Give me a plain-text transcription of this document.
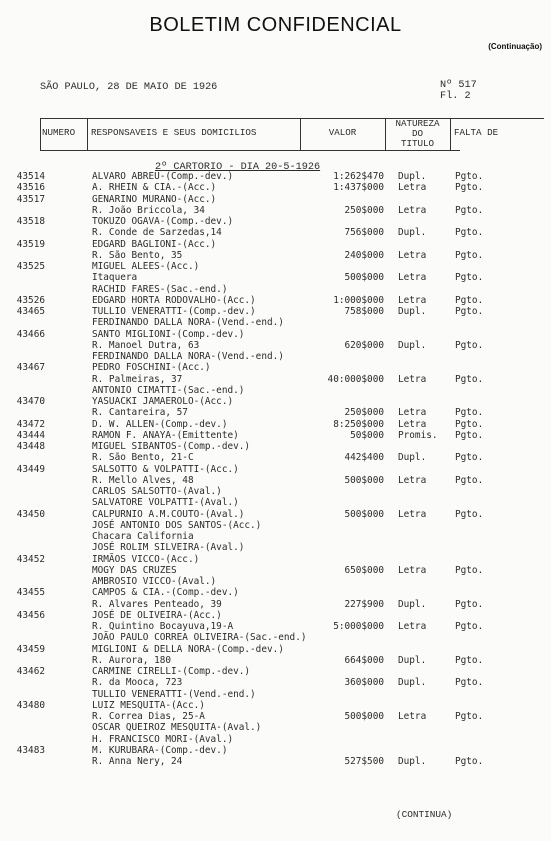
BOLETIM CONFIDENCIAL
(Continuação)
SÃO PAULO, 28 DE MAIO DE 1926	Nº 517
Fl. 2
NUMERO RESPONSAVEIS E SEUS DOMICILIOS	VALOR
NATUREZA
DO
TITULO
FALTA DE
2º CARTORIO - DIA 20-5-1926
43514	ALVARO ABREU-(Comp.-dev.)	1:262$470 Dupl.	Pgto.
43516	A. RHEIN & CIA.-(Acc.)	1:437$000 Letra	Pgto.
43517	GENARINO MURANO-(Acc.)
R. João Briccola, 34	250$000 Letra	Pgto.
43518	TOKUZO OGAVA-(Comp.-dev.)
R. Conde de Sarzedas,14	756$000 Dupl.	Pgto.
43519	EDGARD BAGLIONI-(Acc.)
R. São Bento, 35	240$000 Letra	Pgto.
43525	MIGUEL ALEES-(Acc.)
Itaquera	500$000 Letra	Pgto.
RACHID FARES-(Sac.-end.)
43526	EDGARD HORTA RODOVALHO-(Acc.)	1:000$000 Letra	Pgto.
43465	TULLIO VENERATTI-(Comp.-dev.)	758$000 Dupl.	Pgto.
FERDINANDO DALLA NORA-(Vend.-end.)
43466	SANTO MIGLIONI-(Comp.-dev.)
R. Manoel Dutra, 63	620$000 Dupl.	Pgto.
FERDINANDO DALLA NORA-(Vend.-end.)
43467	PEDRO FOSCHINI-(Acc.)
R. Palmeiras, 37	40:000$000 Letra	Pgto.
ANTONIO CIMATTI-(Sac.-end.)
43470	YASUACKI JAMAEROLO-(Acc.)
R. Cantareira, 57	250$000 Letra	Pgto.
43472	D. W. ALLEN-(Comp.-dev.)	8:250$000 Letra	Pgto.
43444	RAMON F. ANAYA-(Emittente)	50$000 Promis. Pgto.
43448	MIGUEL SIBANTOS-(Comp.-dev.)
R. São Bento, 21-C	442$400 Dupl.	Pgto.
43449	SALSOTTO & VOLPATTI-(Acc.)
R. Mello Alves, 48	500$000 Letra	Pgto.
CARLOS SALSOTTO-(Aval.)
SALVATORE VOLPATTI-(Aval.)
43450	CALPURNIO A.M.COUTO-(Aval.)	500$000 Letra	Pgto.
JOSÉ ANTONIO DOS SANTOS-(Acc.)
Chacara California
JOSÉ ROLIM SILVEIRA-(Aval.)
43452	IRMÃOS VICCO-(Acc.)
MOGY DAS CRUZES	650$000 Letra	Pgto.
AMBROSIO VICCO-(Aval.)
43455	CAMPOS & CIA.-(Comp.-dev.)
R. Alvares Penteado, 39	227$900 Dupl.	Pgto.
43456	JOSÉ DE OLIVEIRA-(Acc.)
R. Quintino Bocayuva,19-A	5:000$000 Letra	Pgto.
JOÃO PAULO CORREA OLIVEIRA-(Sac.-end.)
43459	MIGLIONI & DELLA NORA-(Comp.-dev.)
R. Aurora, 180	664$000 Dupl.	Pgto.
43462	CARMINE CIRELLI-(Comp.-dev.)
R. da Mooca, 723	360$000 Dupl.	Pgto.
TULLIO VENERATTI-(Vend.-end.)
43480	LUIZ MESQUITA-(Acc.)
R. Correa Dias, 25-A	500$000 Letra	Pgto.
OSCAR QUEIROZ MESQUITA-(Aval.)
H. FRANCISCO MORI-(Aval.)
43483	M. KURUBARA-(Comp.-dev.)
R. Anna Nery, 24	527$500 Dupl.	Pgto.
(CONTINUA)
